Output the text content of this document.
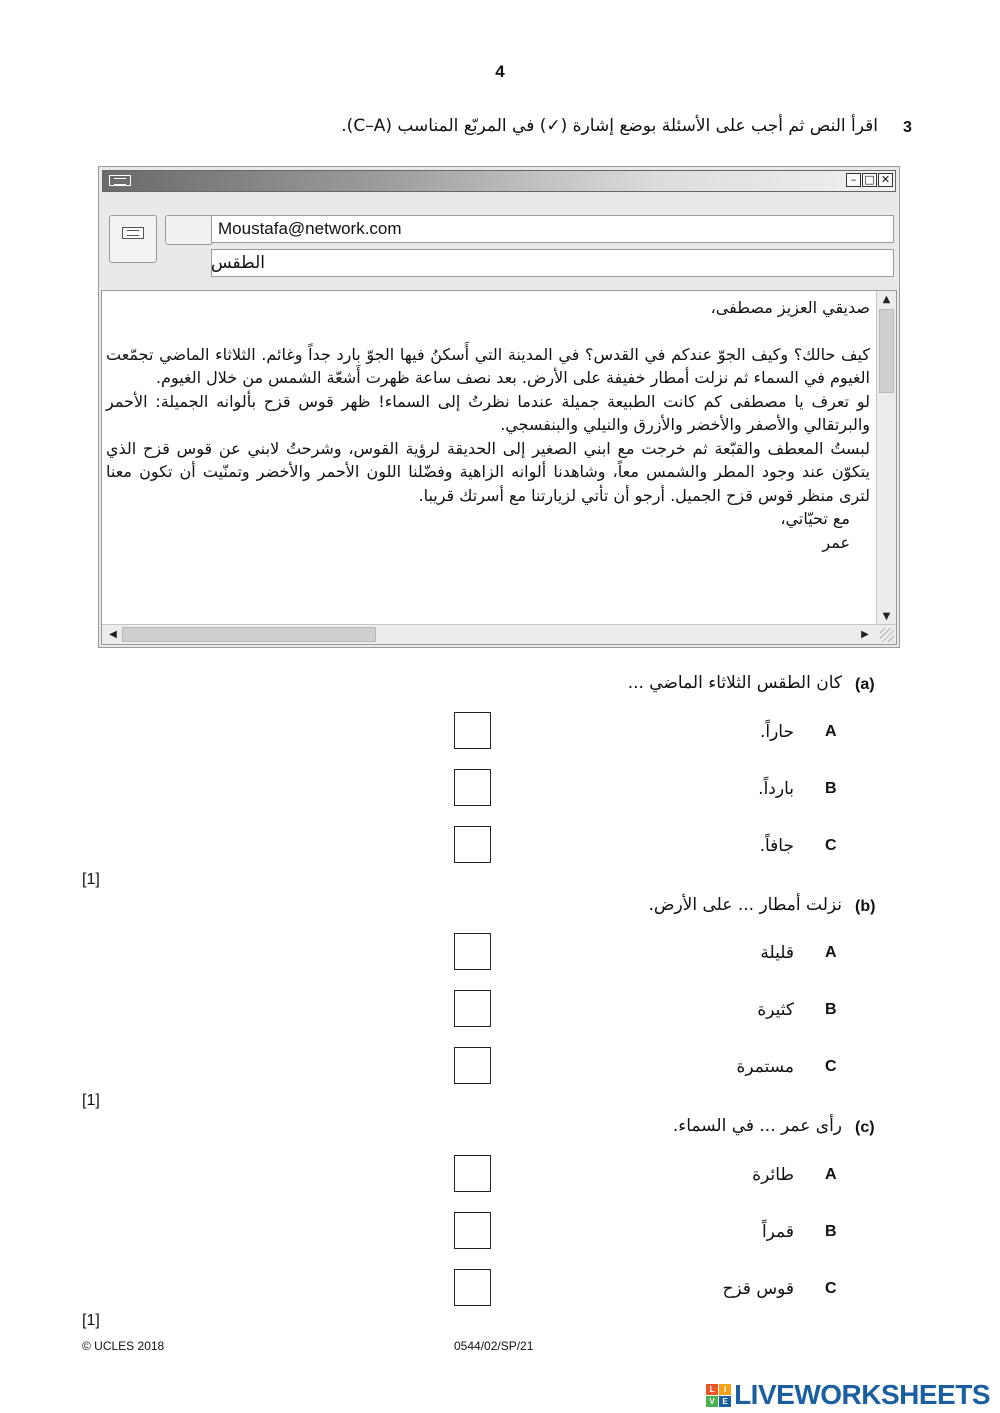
4
3
اقرأ النص ثم أجب على الأسئلة بوضع إشارة (✓) في المربّع المناسب (C–A).
– □ ✕
Moustafa@network.com
الطقس

صديقي العزيز مصطفى،

كيف حالك؟ وكيف الجوّ عندكم في القدس؟ في المدينة التي أَسكنُ فيها الجوّ بارد جداً وغائم. الثلاثاء الماضي تجمّعت الغيوم في السماء ثم نزلت أمطار خفيفة على الأرض. بعد نصف ساعة ظهرت أَشعّة الشمس من خلال الغيوم.

لو تعرف يا مصطفى كم كانت الطبيعة جميلة عندما نظرتُ إلى السماء! ظهر قوس قزح بألوانه الجميلة: الأحمر والبرتقالي والأصفر والأخضر والأزرق والنيلي والبنفسجي.

لبستُ المعطف والقبّعة ثم خرجت مع ابني الصغير إلى الحديقة لرؤية القوس، وشرحتُ لابني عن قوس قزح الذي يتكوّن عند وجود المطر والشمس معاً، وشاهدنا ألوانه الزاهية وفضّلنا اللون الأحمر والأخضر وتمنّيت أن تكون معنا لترى منظر قوس قزح الجميل. أرجو أن تأتي لزيارتنا مع أسرتك قريبا.

مع تحيّاتي،

عمر

▲
▼
◀	▶
(a)
كان الطقس الثلاثاء الماضي ...
حاراً. A
بارداً. B
جافاً. C
[1]
(b)
نزلت أمطار ... على الأرض.
قليلة A
كثيرة B
مستمرة C
[1]
(c)
رأى عمر ... في السماء.
طائرة A
قمراً B
قوس قزح C
[1]
© UCLES 2018	0544/02/SP/21
L	I
V E LIVEWORKSHEETS
